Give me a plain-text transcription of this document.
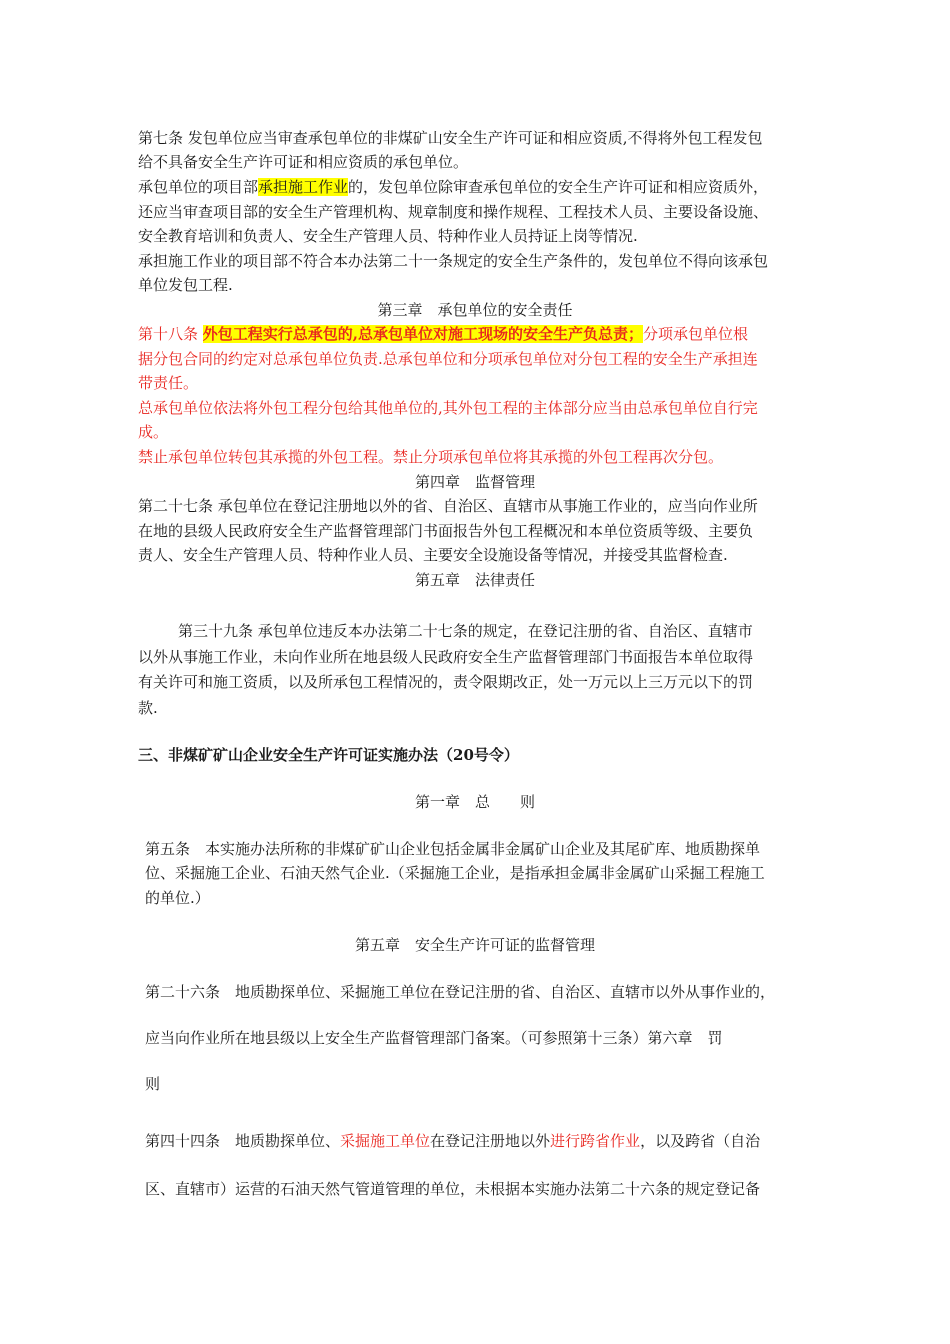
第七条 发包单位应当审查承包单位的非煤矿山安全生产许可证和相应资质,不得将外包工程发包
给不具备安全生产许可证和相应资质的承包单位。
承包单位的项目部承担施工作业的，发包单位除审查承包单位的安全生产许可证和相应资质外，
还应当审查项目部的安全生产管理机构、规章制度和操作规程、工程技术人员、主要设备设施、
安全教育培训和负责人、安全生产管理人员、特种作业人员持证上岗等情况.
承担施工作业的项目部不符合本办法第二十一条规定的安全生产条件的，发包单位不得向该承包
单位发包工程.
第三章　承包单位的安全责任
第十八条 外包工程实行总承包的,总承包单位对施工现场的安全生产负总责；分项承包单位根
据分包合同的约定对总承包单位负责.总承包单位和分项承包单位对分包工程的安全生产承担连
带责任。
总承包单位依法将外包工程分包给其他单位的,其外包工程的主体部分应当由总承包单位自行完
成。
禁止承包单位转包其承揽的外包工程。禁止分项承包单位将其承揽的外包工程再次分包。
第四章　监督管理
第二十七条 承包单位在登记注册地以外的省、自治区、直辖市从事施工作业的，应当向作业所
在地的县级人民政府安全生产监督管理部门书面报告外包工程概况和本单位资质等级、主要负
责人、安全生产管理人员、特种作业人员、主要安全设施设备等情况，并接受其监督检查.
第五章　法律责任
第三十九条 承包单位违反本办法第二十七条的规定，在登记注册的省、自治区、直辖市
以外从事施工作业，未向作业所在地县级人民政府安全生产监督管理部门书面报告本单位取得
有关许可和施工资质，以及所承包工程情况的，责令限期改正，处一万元以上三万元以下的罚
款.
三、非煤矿矿山企业安全生产许可证实施办法（20号令）
第一章　总　　则
第五条　本实施办法所称的非煤矿矿山企业包括金属非金属矿山企业及其尾矿库、地质勘探单
位、采掘施工企业、石油天然气企业.（采掘施工企业，是指承担金属非金属矿山采掘工程施工
的单位.）
第五章　安全生产许可证的监督管理
第二十六条　地质勘探单位、采掘施工单位在登记注册的省、自治区、直辖市以外从事作业的，
应当向作业所在地县级以上安全生产监督管理部门备案。（可参照第十三条）第六章　罚
则
第四十四条　地质勘探单位、采掘施工单位在登记注册地以外进行跨省作业，以及跨省（自治
区、直辖市）运营的石油天然气管道管理的单位，未根据本实施办法第二十六条的规定登记备
